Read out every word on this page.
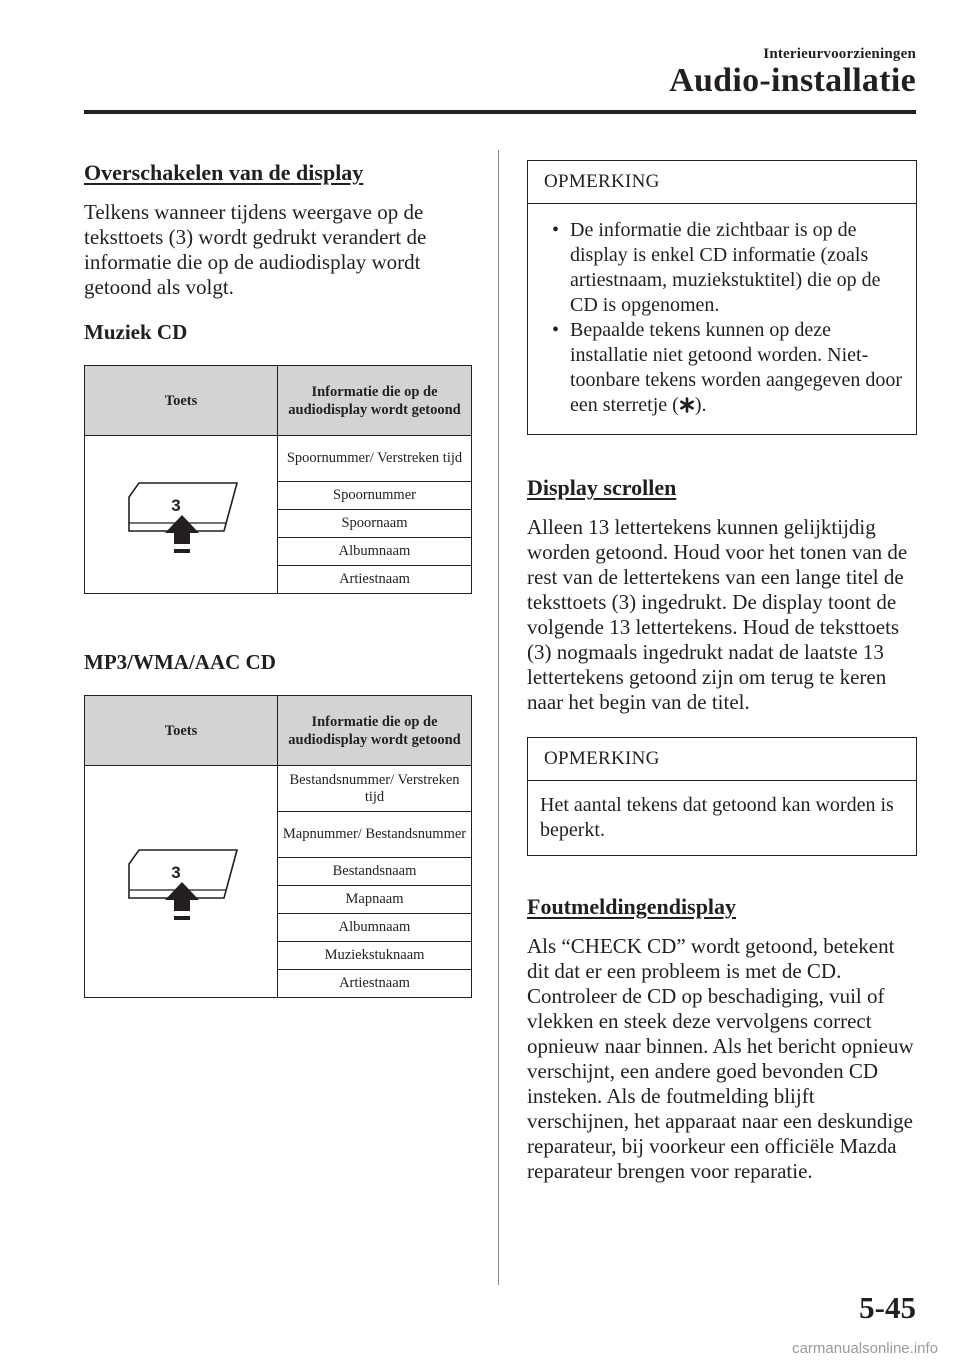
Interieurvoorzieningen
Audio-installatie
Overschakelen van de display

Telkens wanneer tijdens weergave op de teksttoets (3) wordt gedrukt verandert de informatie die op de audiodisplay wordt getoond als volgt.

Muziek CD
Toets	Informatie die op de audiodisplay wordt getoond

3	Spoornummer/ Verstreken tijd
	Spoornummer
	Spoornaam
	Albumnaam
	Artiestnaam
MP3/WMA/AAC CD
Toets	Informatie die op de audiodisplay wordt getoond

3	Bestandsnummer/ Verstreken tijd
	Mapnummer/ Bestandsnummer
	Bestandsnaam
	Mapnaam
	Albumnaam
	Muziekstuknaam
	Artiestnaam
OPMERKING
• De informatie die zichtbaar is op de display is enkel CD informatie (zoals artiestnaam, muziekstuktitel) die op de CD is opgenomen.
• Bepaalde tekens kunnen op deze installatie niet getoond worden. Niet-toonbare tekens worden aangegeven door een sterretje ( ).
Display scrollen

Alleen 13 lettertekens kunnen gelijktijdig worden getoond. Houd voor het tonen van de rest van de lettertekens van een lange titel de teksttoets (3) ingedrukt. De display toont de volgende 13 lettertekens. Houd de teksttoets (3) nogmaals ingedrukt nadat de laatste 13 lettertekens getoond zijn om terug te keren naar het begin van de titel.

OPMERKING
Het aantal tekens dat getoond kan worden is beperkt.
Foutmeldingendisplay

Als “CHECK CD” wordt getoond, betekent dit dat er een probleem is met de CD. Controleer de CD op beschadiging, vuil of vlekken en steek deze vervolgens correct opnieuw naar binnen. Als het bericht opnieuw verschijnt, een andere goed bevonden CD insteken. Als de foutmelding blijft verschijnen, het apparaat naar een deskundige reparateur, bij voorkeur een officiële Mazda reparateur brengen voor reparatie.

5-45
carmanualsonline.info
